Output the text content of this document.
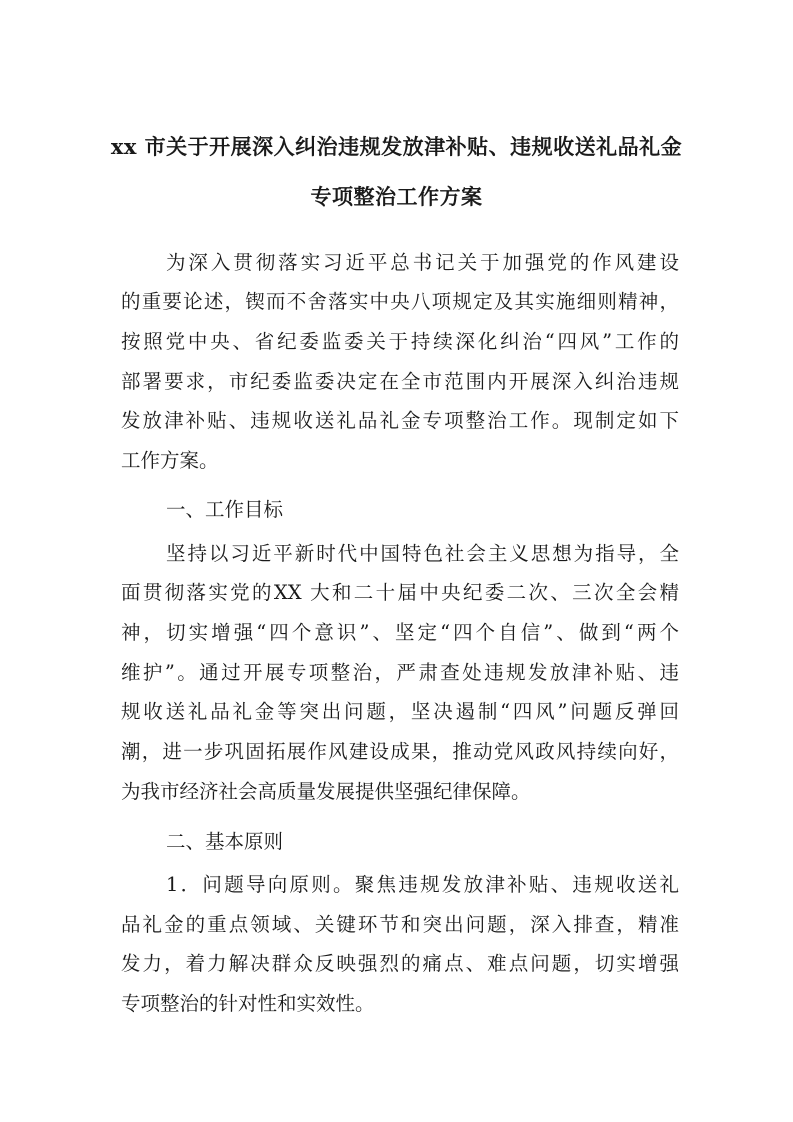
xx 市关于开展深入纠治违规发放津补贴、违规收送礼品礼金
专项整治工作方案
为深入贯彻落实习近平总书记关于加强党的作风建设
的重要论述，锲而不舍落实中央八项规定及其实施细则精神，
按照党中央、省纪委监委关于持续深化纠治“四风”工作的
部署要求，市纪委监委决定在全市范围内开展深入纠治违规
发放津补贴、违规收送礼品礼金专项整治工作。现制定如下
工作方案。
一、工作目标
坚持以习近平新时代中国特色社会主义思想为指导，全
面贯彻落实党的XX 大和二十届中央纪委二次、三次全会精
神，切实增强“四个意识”、坚定“四个自信”、做到“两个
维护”。通过开展专项整治，严肃查处违规发放津补贴、违
规收送礼品礼金等突出问题，坚决遏制“四风”问题反弹回
潮，进一步巩固拓展作风建设成果，推动党风政风持续向好，
为我市经济社会高质量发展提供坚强纪律保障。
二、基本原则
1．问题导向原则。聚焦违规发放津补贴、违规收送礼
品礼金的重点领域、关键环节和突出问题，深入排查，精准
发力，着力解决群众反映强烈的痛点、难点问题，切实增强
专项整治的针对性和实效性。
